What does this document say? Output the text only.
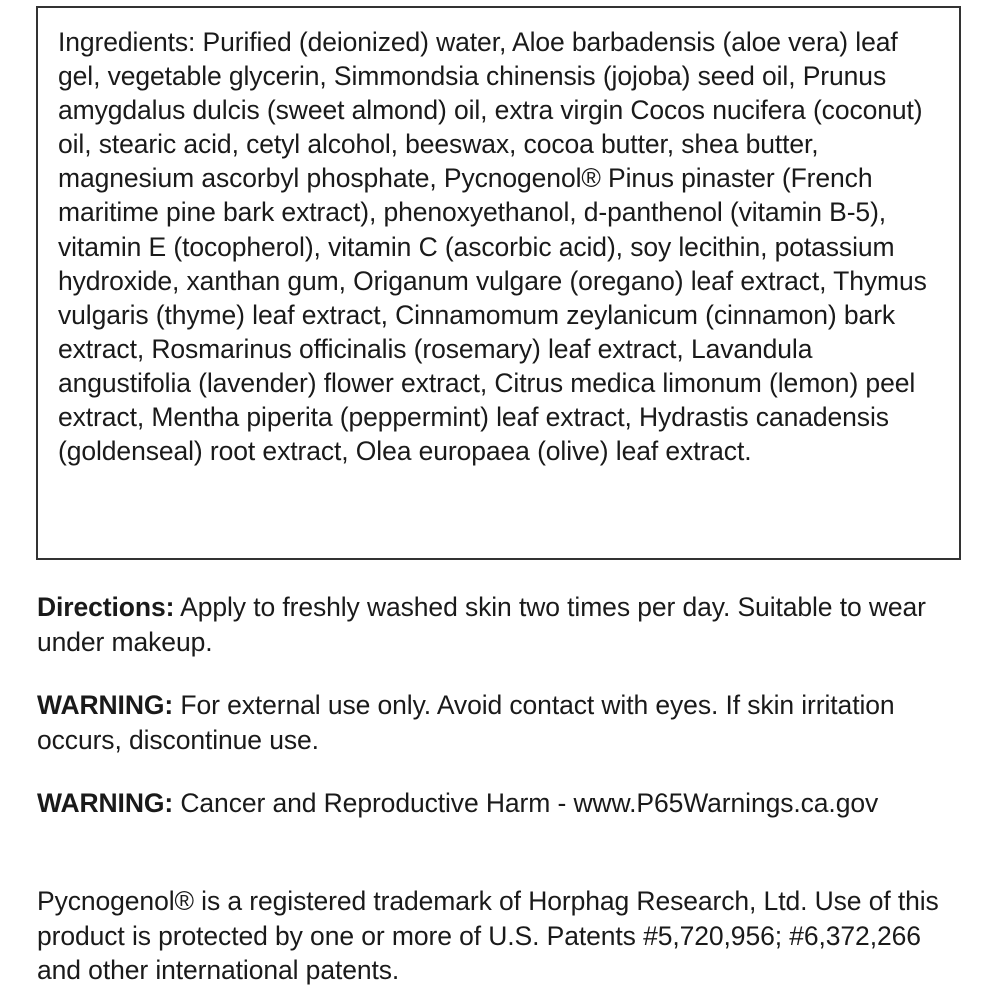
Ingredients: Purified (deionized) water, Aloe barbadensis (aloe vera) leaf gel, vegetable glycerin, Simmondsia chinensis (jojoba) seed oil, Prunus amygdalus dulcis (sweet almond) oil, extra virgin Cocos nucifera (coconut) oil, stearic acid, cetyl alcohol, beeswax, cocoa butter, shea butter, magnesium ascorbyl phosphate, Pycnogenol® Pinus pinaster (French maritime pine bark extract), phenoxyethanol, d-panthenol (vitamin B-5), vitamin E (tocopherol), vitamin C (ascorbic acid), soy lecithin, potassium hydroxide, xanthan gum, Origanum vulgare (oregano) leaf extract, Thymus vulgaris (thyme) leaf extract, Cinnamomum zeylanicum (cinnamon) bark extract, Rosmarinus officinalis (rosemary) leaf extract, Lavandula angustifolia (lavender) flower extract, Citrus medica limonum (lemon) peel extract, Mentha piperita (peppermint) leaf extract, Hydrastis canadensis (goldenseal) root extract, Olea europaea (olive) leaf extract.

Directions: Apply to freshly washed skin two times per day. Suitable to wear under makeup.

WARNING: For external use only. Avoid contact with eyes. If skin irritation occurs, discontinue use.

WARNING: Cancer and Reproductive Harm - www.P65Warnings.ca.gov

Pycnogenol® is a registered trademark of Horphag Research, Ltd. Use of this product is protected by one or more of U.S. Patents #5,720,956; #6,372,266 and other international patents.
